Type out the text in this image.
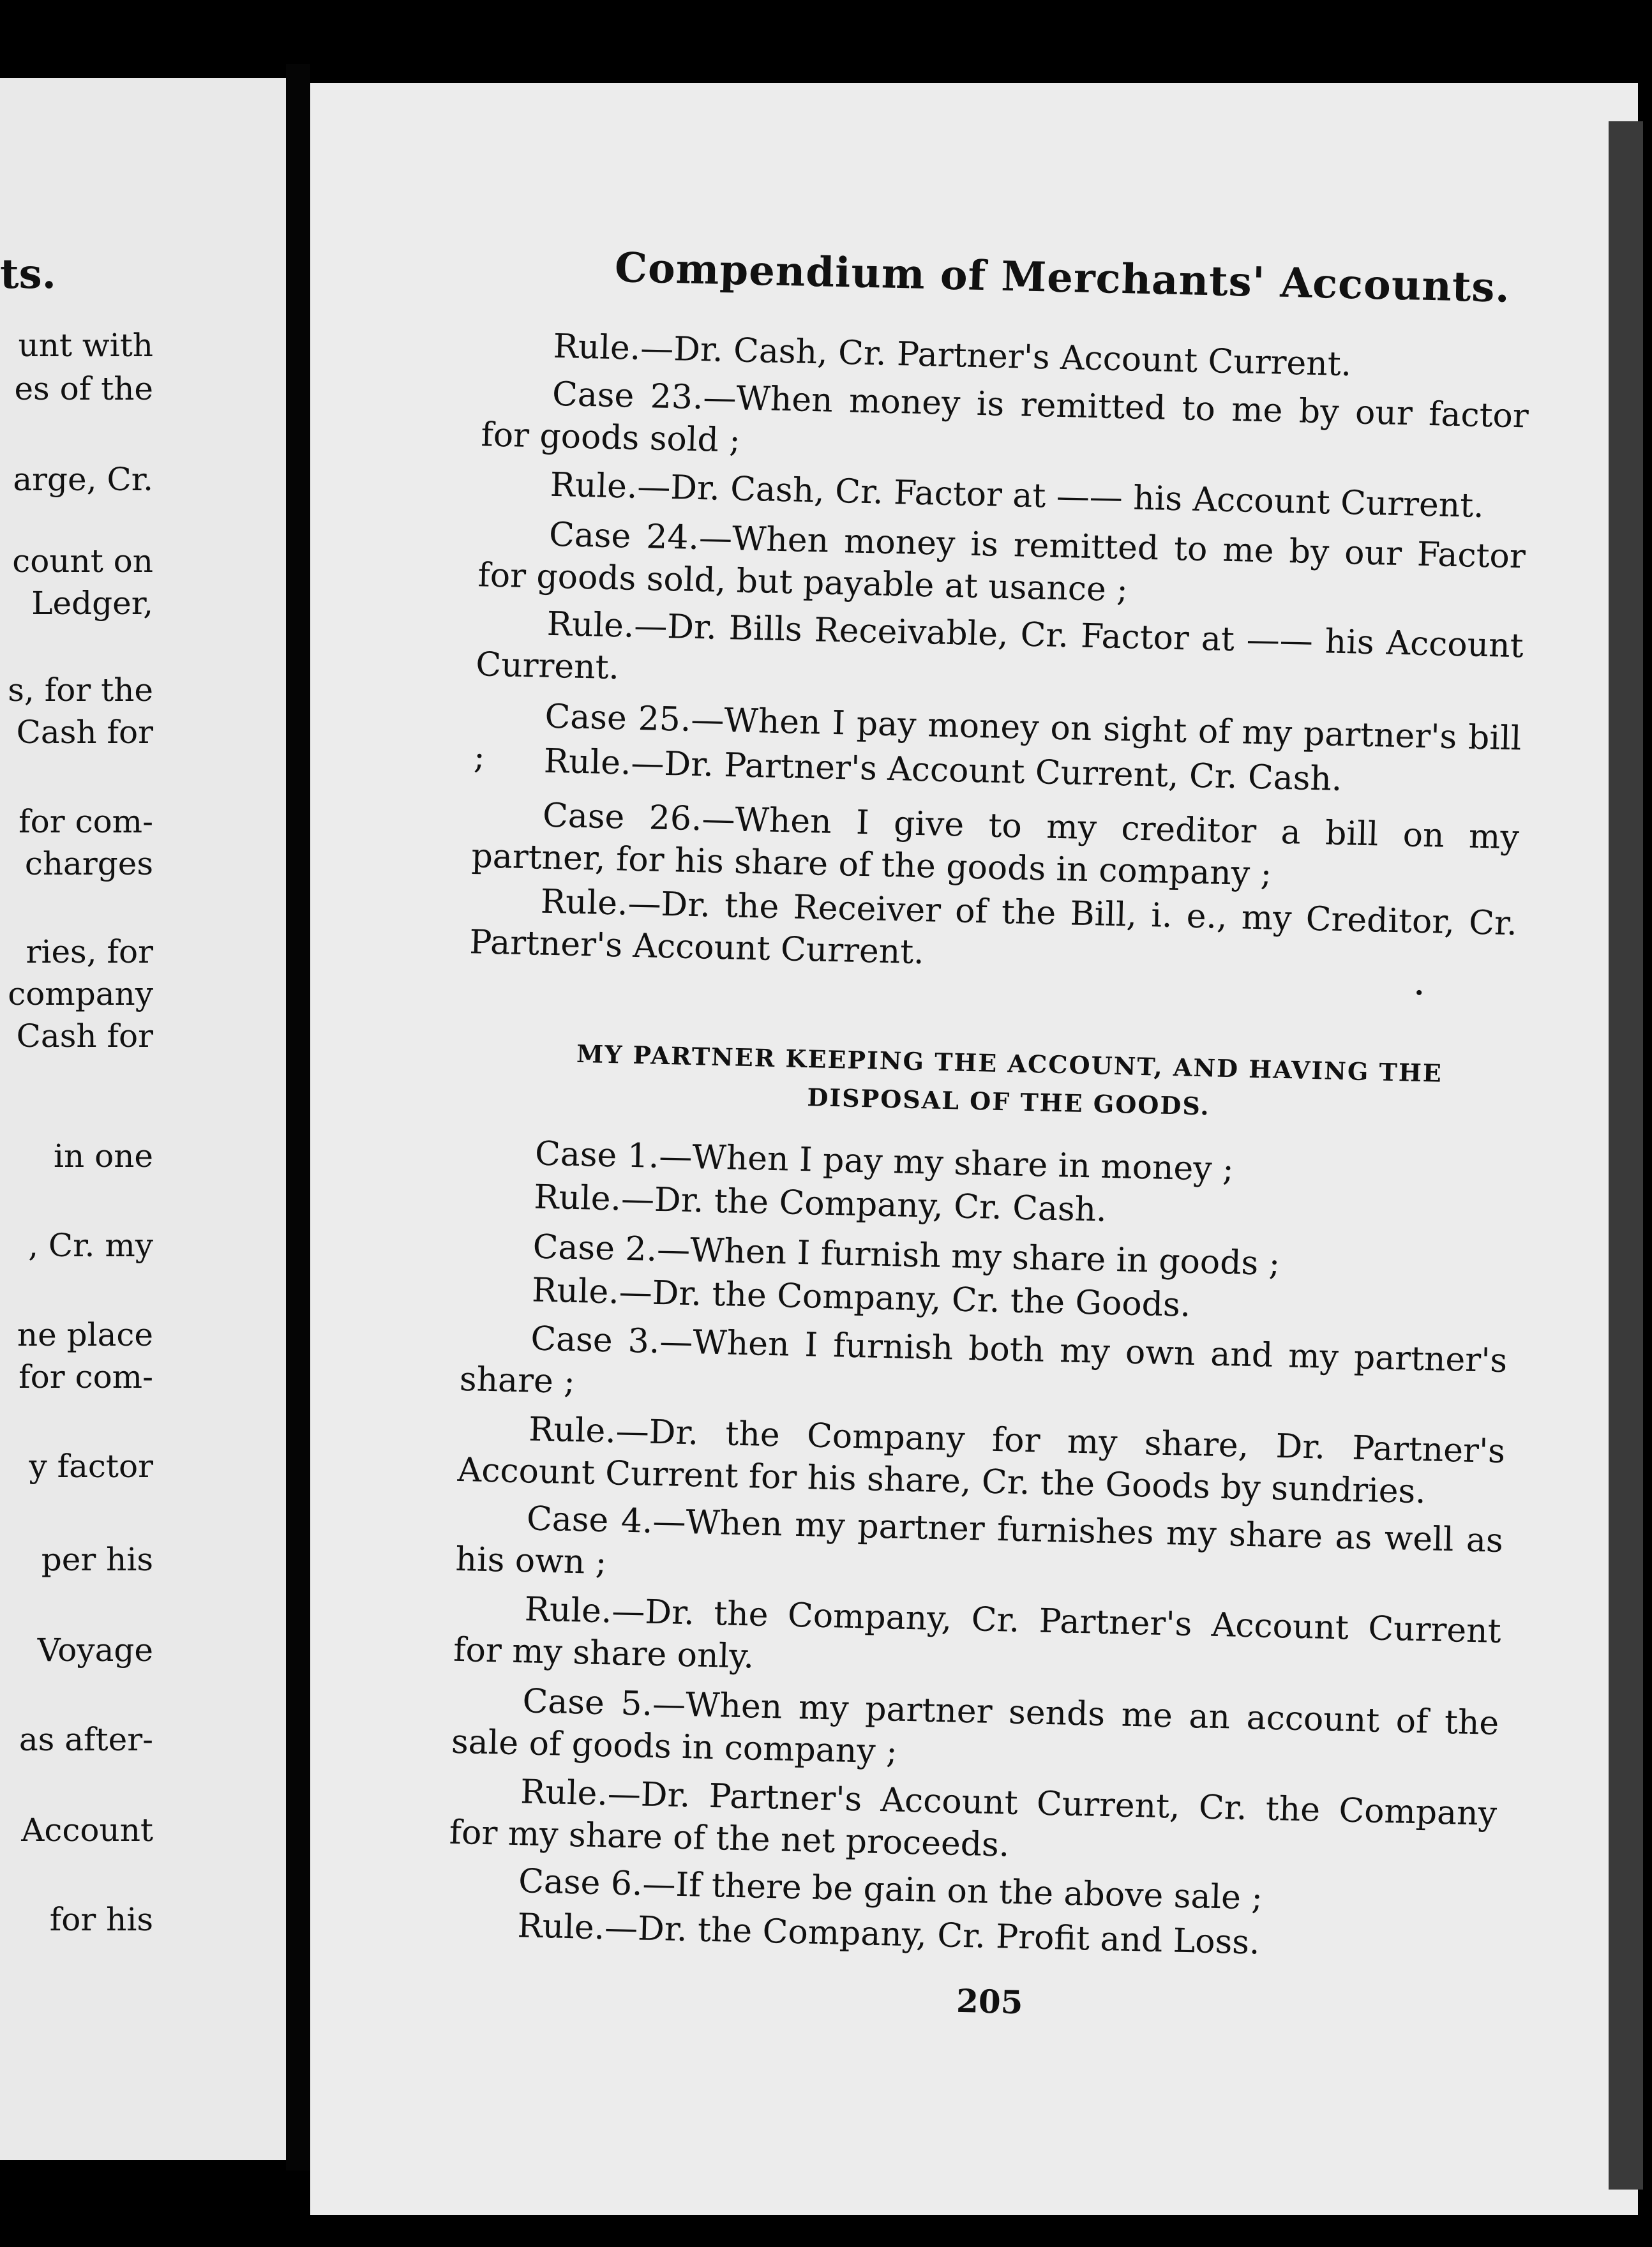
ts.
unt with
es of the
arge, Cr.
count on
Ledger,
s, for the
Cash for
for com-
charges
ries, for
company
Cash for
in one
, Cr. my
ne place
for com-
y factor
per his
Voyage
as after-
Account
for his
Compendium of Merchants' Accounts.
Rule.—Dr. Cash, Cr. Partner's Account Current.
Case 23.—When money is remitted to me by our factor for goods sold ;
Rule.—Dr. Cash, Cr. Factor at —— his Account Current.
Case 24.—When money is remitted to me by our Factor for goods sold, but payable at usance ;
Rule.—Dr. Bills Receivable, Cr. Factor at —— his Account Current.
Case 25.—When I pay money on sight of my partner's bill ;	Rule.—Dr. Partner's Account Current, Cr. Cash.
Case 26.—When I give to my creditor a bill on my partner, for his share of the goods in company ;
Rule.—Dr. the Receiver of the Bill, i. e., my Creditor, Cr. Partner's Account Current.
MY PARTNER KEEPING THE ACCOUNT, AND HAVING THE DISPOSAL OF THE GOODS.
Case 1.—When I pay my share in money ;
Rule.—Dr. the Company, Cr. Cash.
Case 2.—When I furnish my share in goods ;
Rule.—Dr. the Company, Cr. the Goods.
Case 3.—When I furnish both my own and my partner's share ;
Rule.—Dr. the Company for my share, Dr. Partner's Account Current for his share, Cr. the Goods by sundries.
Case 4.—When my partner furnishes my share as well as his own ;
Rule.—Dr. the Company, Cr. Partner's Account Current for my share only.
Case 5.—When my partner sends me an account of the sale of goods in company ;
Rule.—Dr. Partner's Account Current, Cr. the Company for my share of the net proceeds.
Case 6.—If there be gain on the above sale ;
Rule.—Dr. the Company, Cr. Profit and Loss.
205
